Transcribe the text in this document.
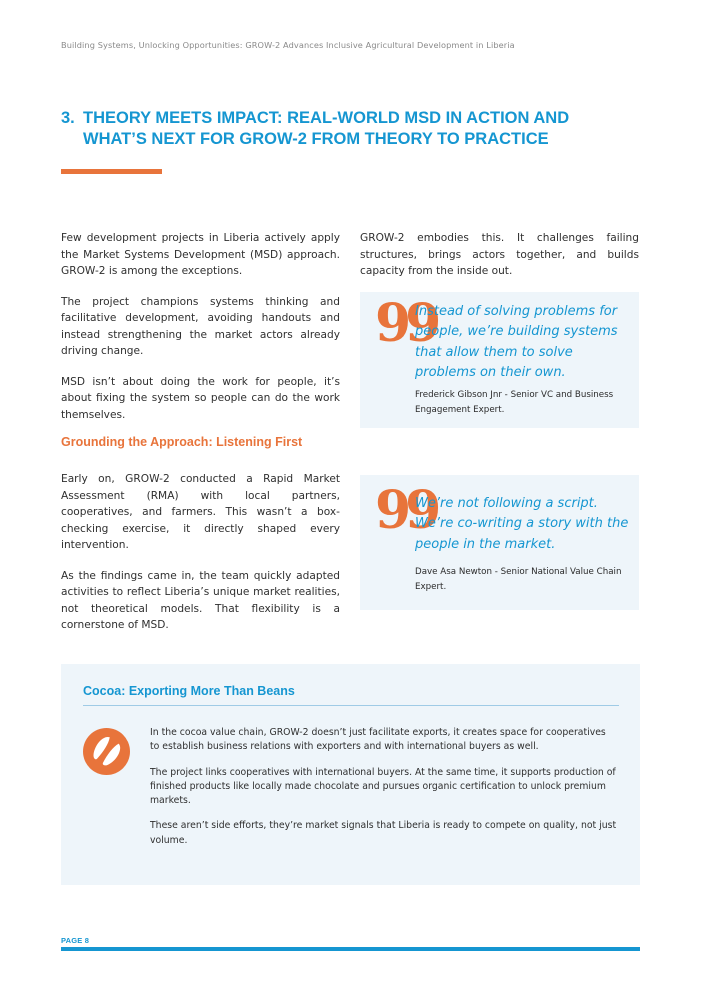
Building Systems, Unlocking Opportunities: GROW-2 Advances Inclusive Agricultural Development in Liberia
3. THEORY MEETS IMPACT: REAL-WORLD MSD IN ACTION AND
WHAT’S NEXT FOR GROW-2 FROM THEORY TO PRACTICE

Few development projects in Liberia actively apply the Market Systems Development (MSD) approach. GROW-2 is among the exceptions.

The project champions systems thinking and facilitative development, avoiding handouts and instead strengthening the market actors already driving change.

MSD isn’t about doing the work for people, it’s about fixing the system so people can do the work themselves.

GROW-2 embodies this. It challenges failing structures, brings actors together, and builds capacity from the inside out.

99
Instead of solving problems for people, we’re building systems that allow them to solve problems on their own.
Frederick Gibson Jnr - Senior VC and Business Engagement Expert.
Grounding the Approach: Listening First

Early on, GROW-2 conducted a Rapid Market Assessment (RMA) with local partners, cooperatives, and farmers. This wasn’t a box-checking exercise, it directly shaped every intervention.

As the findings came in, the team quickly adapted activities to reflect Liberia’s unique market realities, not theoretical models. That flexibility is a cornerstone of MSD.

99
We’re not following a script. We’re co-writing a story with the people in the market.
Dave Asa Newton - Senior National Value Chain Expert.
Cocoa: Exporting More Than Beans

In the cocoa value chain, GROW-2 doesn’t just facilitate exports, it creates space for cooperatives to establish business relations with exporters and with international buyers as well.

The project links cooperatives with international buyers. At the same time, it supports production of finished products like locally made chocolate and pursues organic certification to unlock premium markets.

These aren’t side efforts, they’re market signals that Liberia is ready to compete on quality, not just volume.

PAGE 8
